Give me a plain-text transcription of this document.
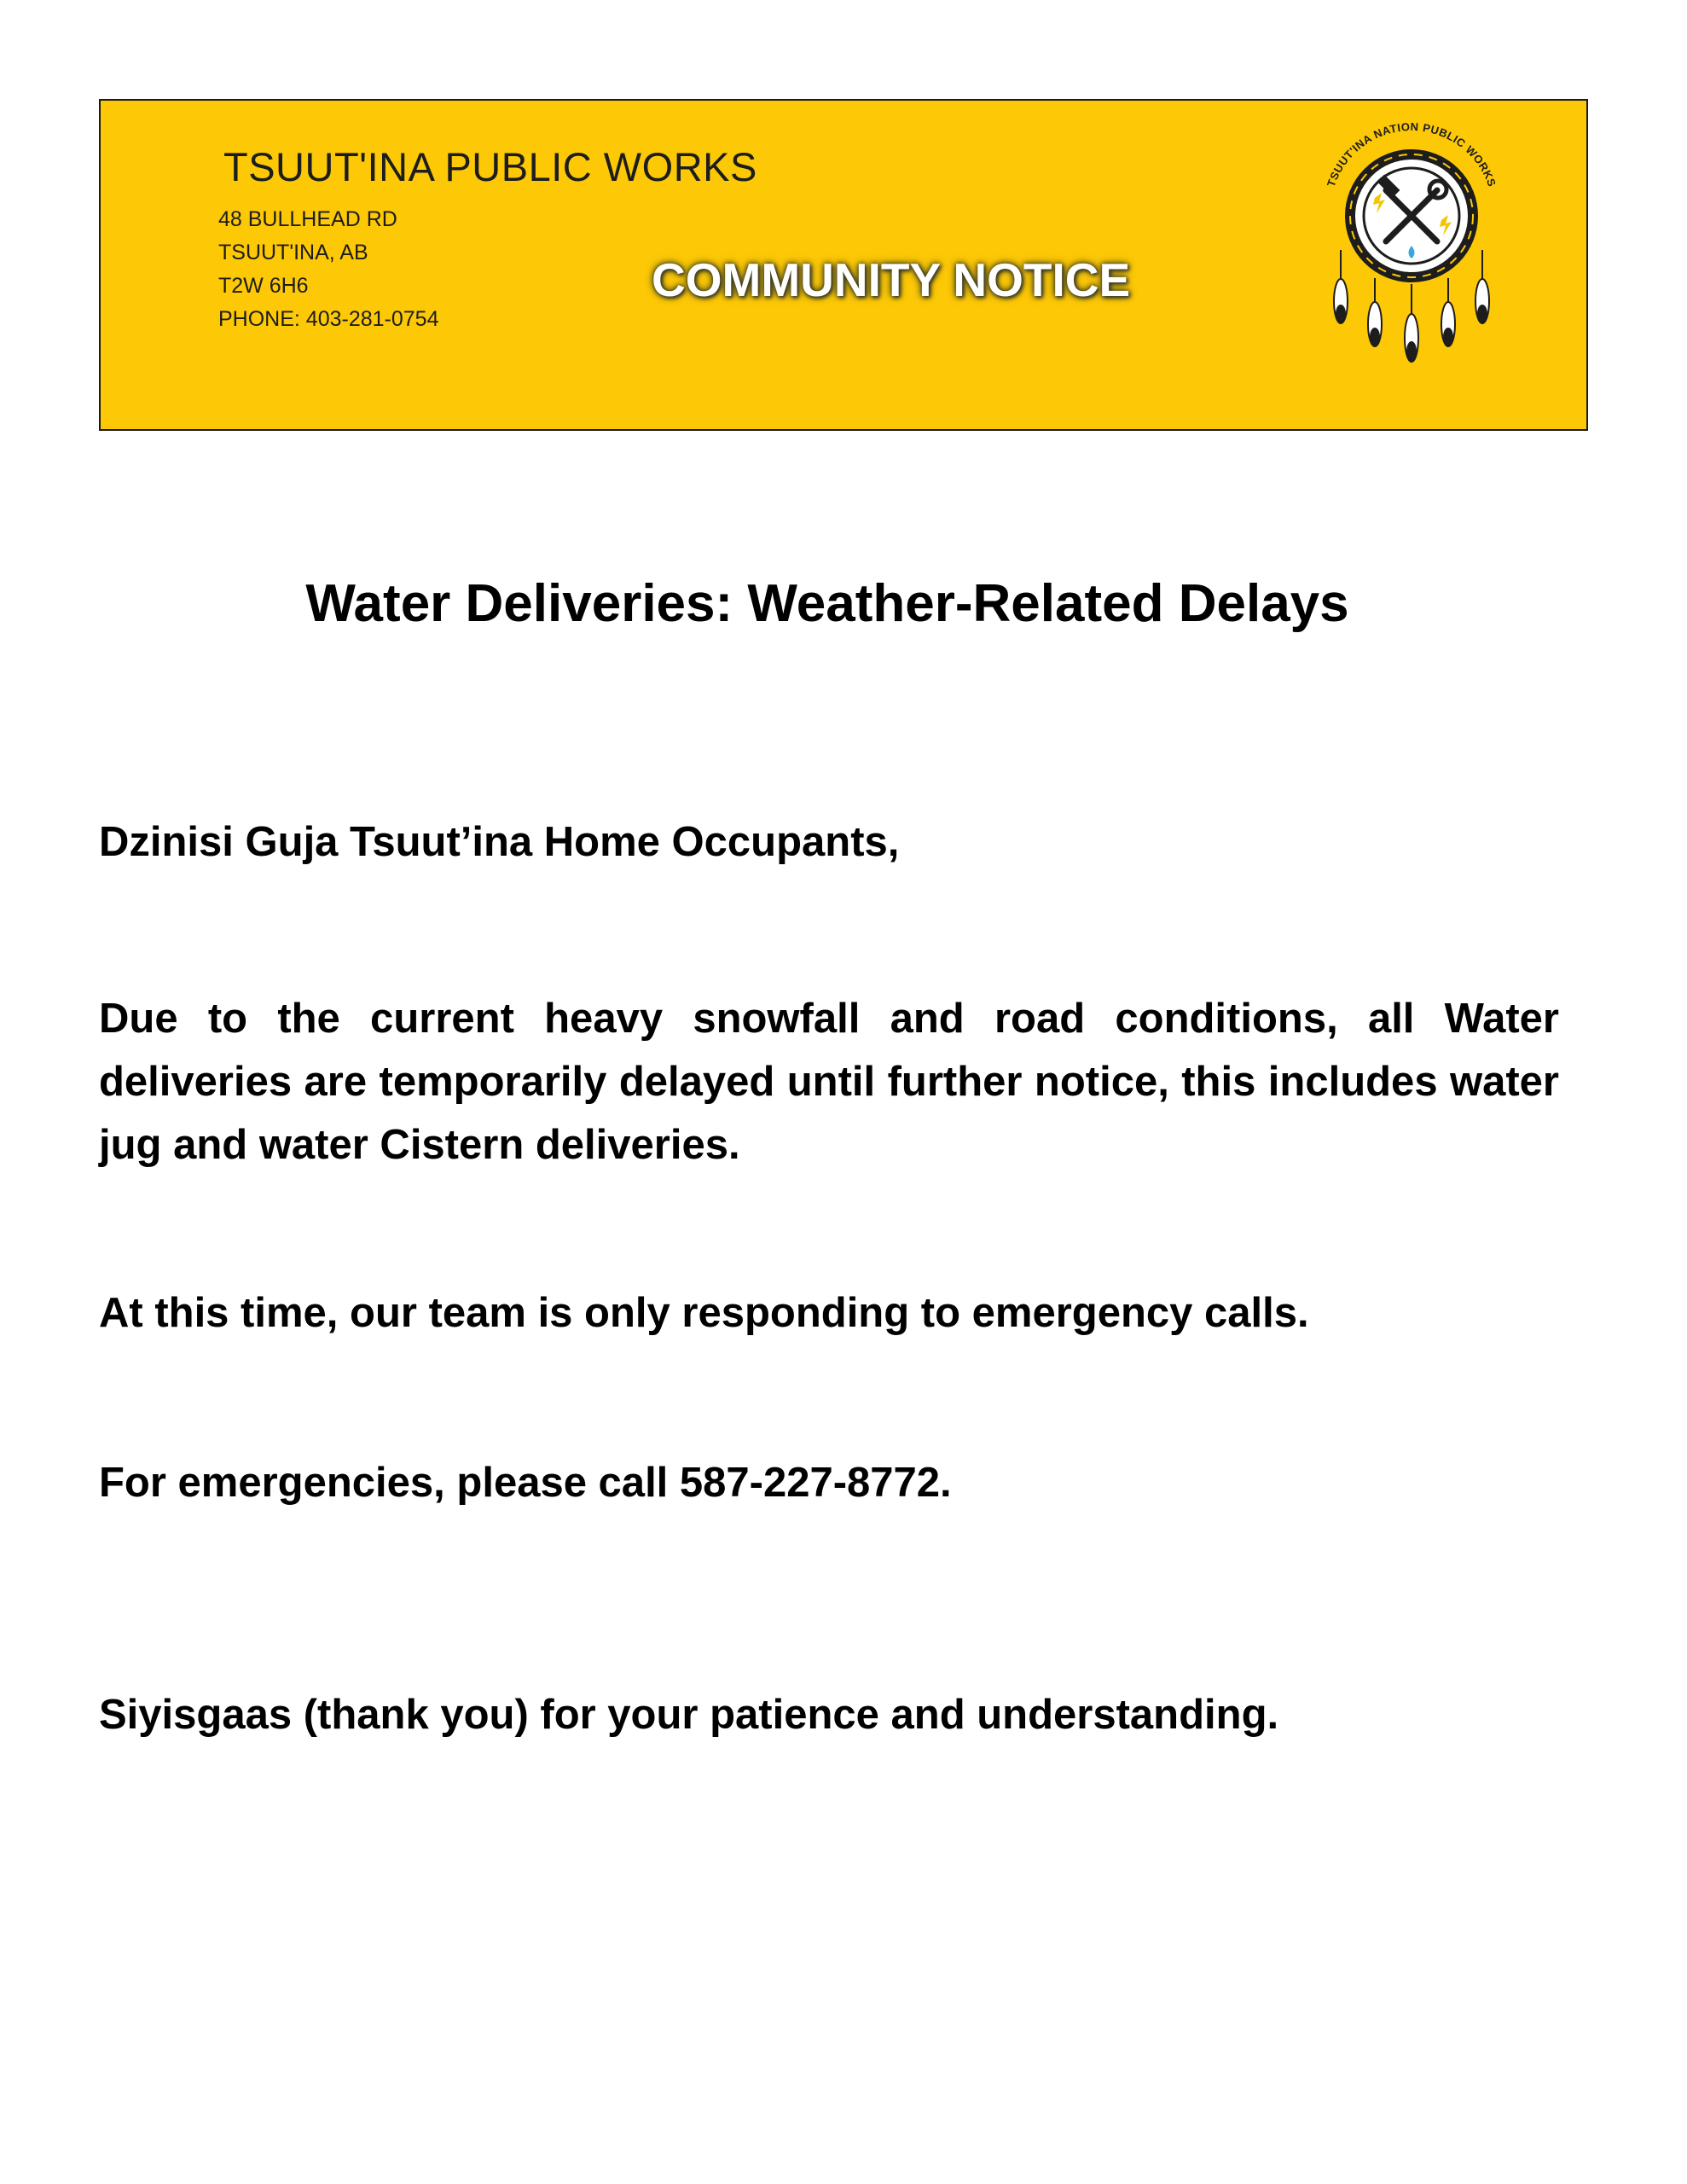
TSUUT'INA PUBLIC WORKS
48 BULLHEAD RD
TSUUT'INA, AB
T2W 6H6
PHONE: 403-281-0754
COMMUNITY NOTICE
TSUUT'INA NATION PUBLIC WORKS
Water Deliveries: Weather-Related Delays
Dzinisi Guja Tsuut’ina Home Occupants,
Due to the current heavy snowfall and road conditions, all Water deliveries are temporarily delayed until further notice, this includes water jug and water Cistern deliveries.
At this time, our team is only responding to emergency calls.
For emergencies, please call 587-227-8772.
Siyisgaas (thank you) for your patience and understanding.
